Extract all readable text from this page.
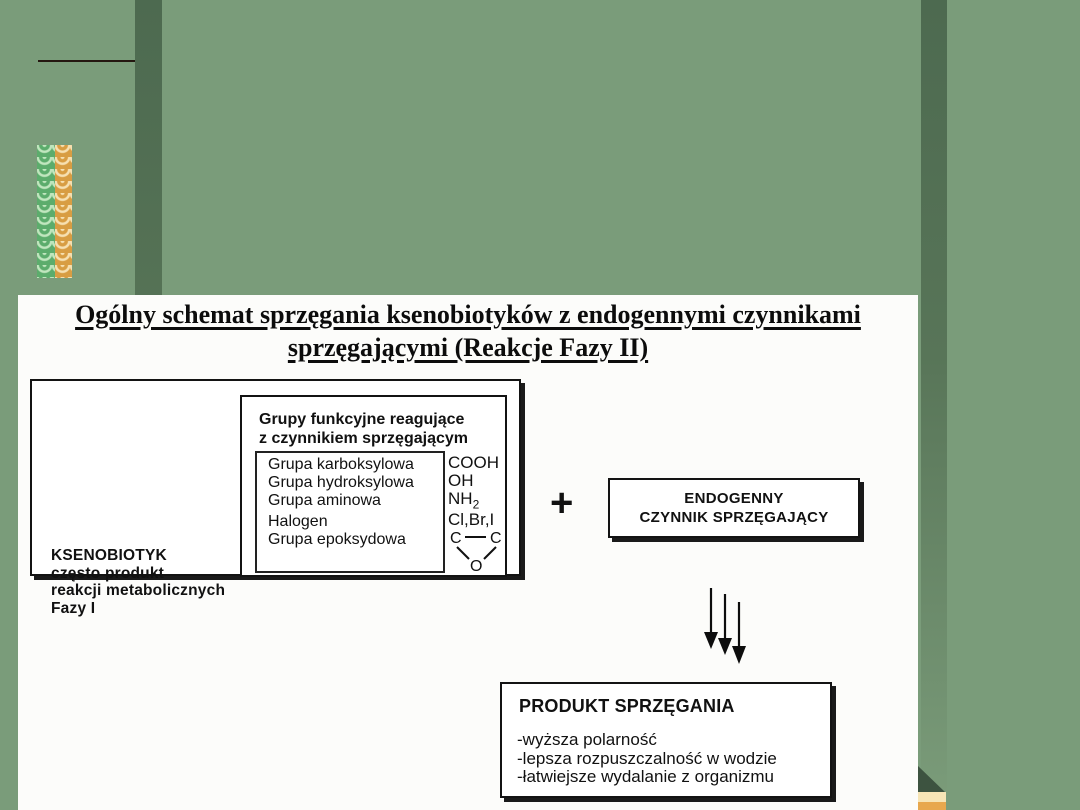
Ogólny schemat sprzęgania ksenobiotyków z endogennymi czynnikami
sprzęgającymi (Reakcje Fazy II)
KSENOBIOTYK
często produkt
reakcji metabolicznych
Fazy I
Grupy funkcyjne reagujące
z czynnikiem sprzęgającym
Grupa karboksylowa
Grupa hydroksylowa
Grupa aminowa
Halogen
Grupa epoksydowa
COOH
OH
$NH_2$
Cl,Br,I
C C
O
+	ENDOGENNY
CZYNNIK SPRZĘGAJĄCY
PRODUKT SPRZĘGANIA
-wyższa polarność
-lepsza rozpuszczalność w wodzie
-łatwiejsze wydalanie z organizmu
